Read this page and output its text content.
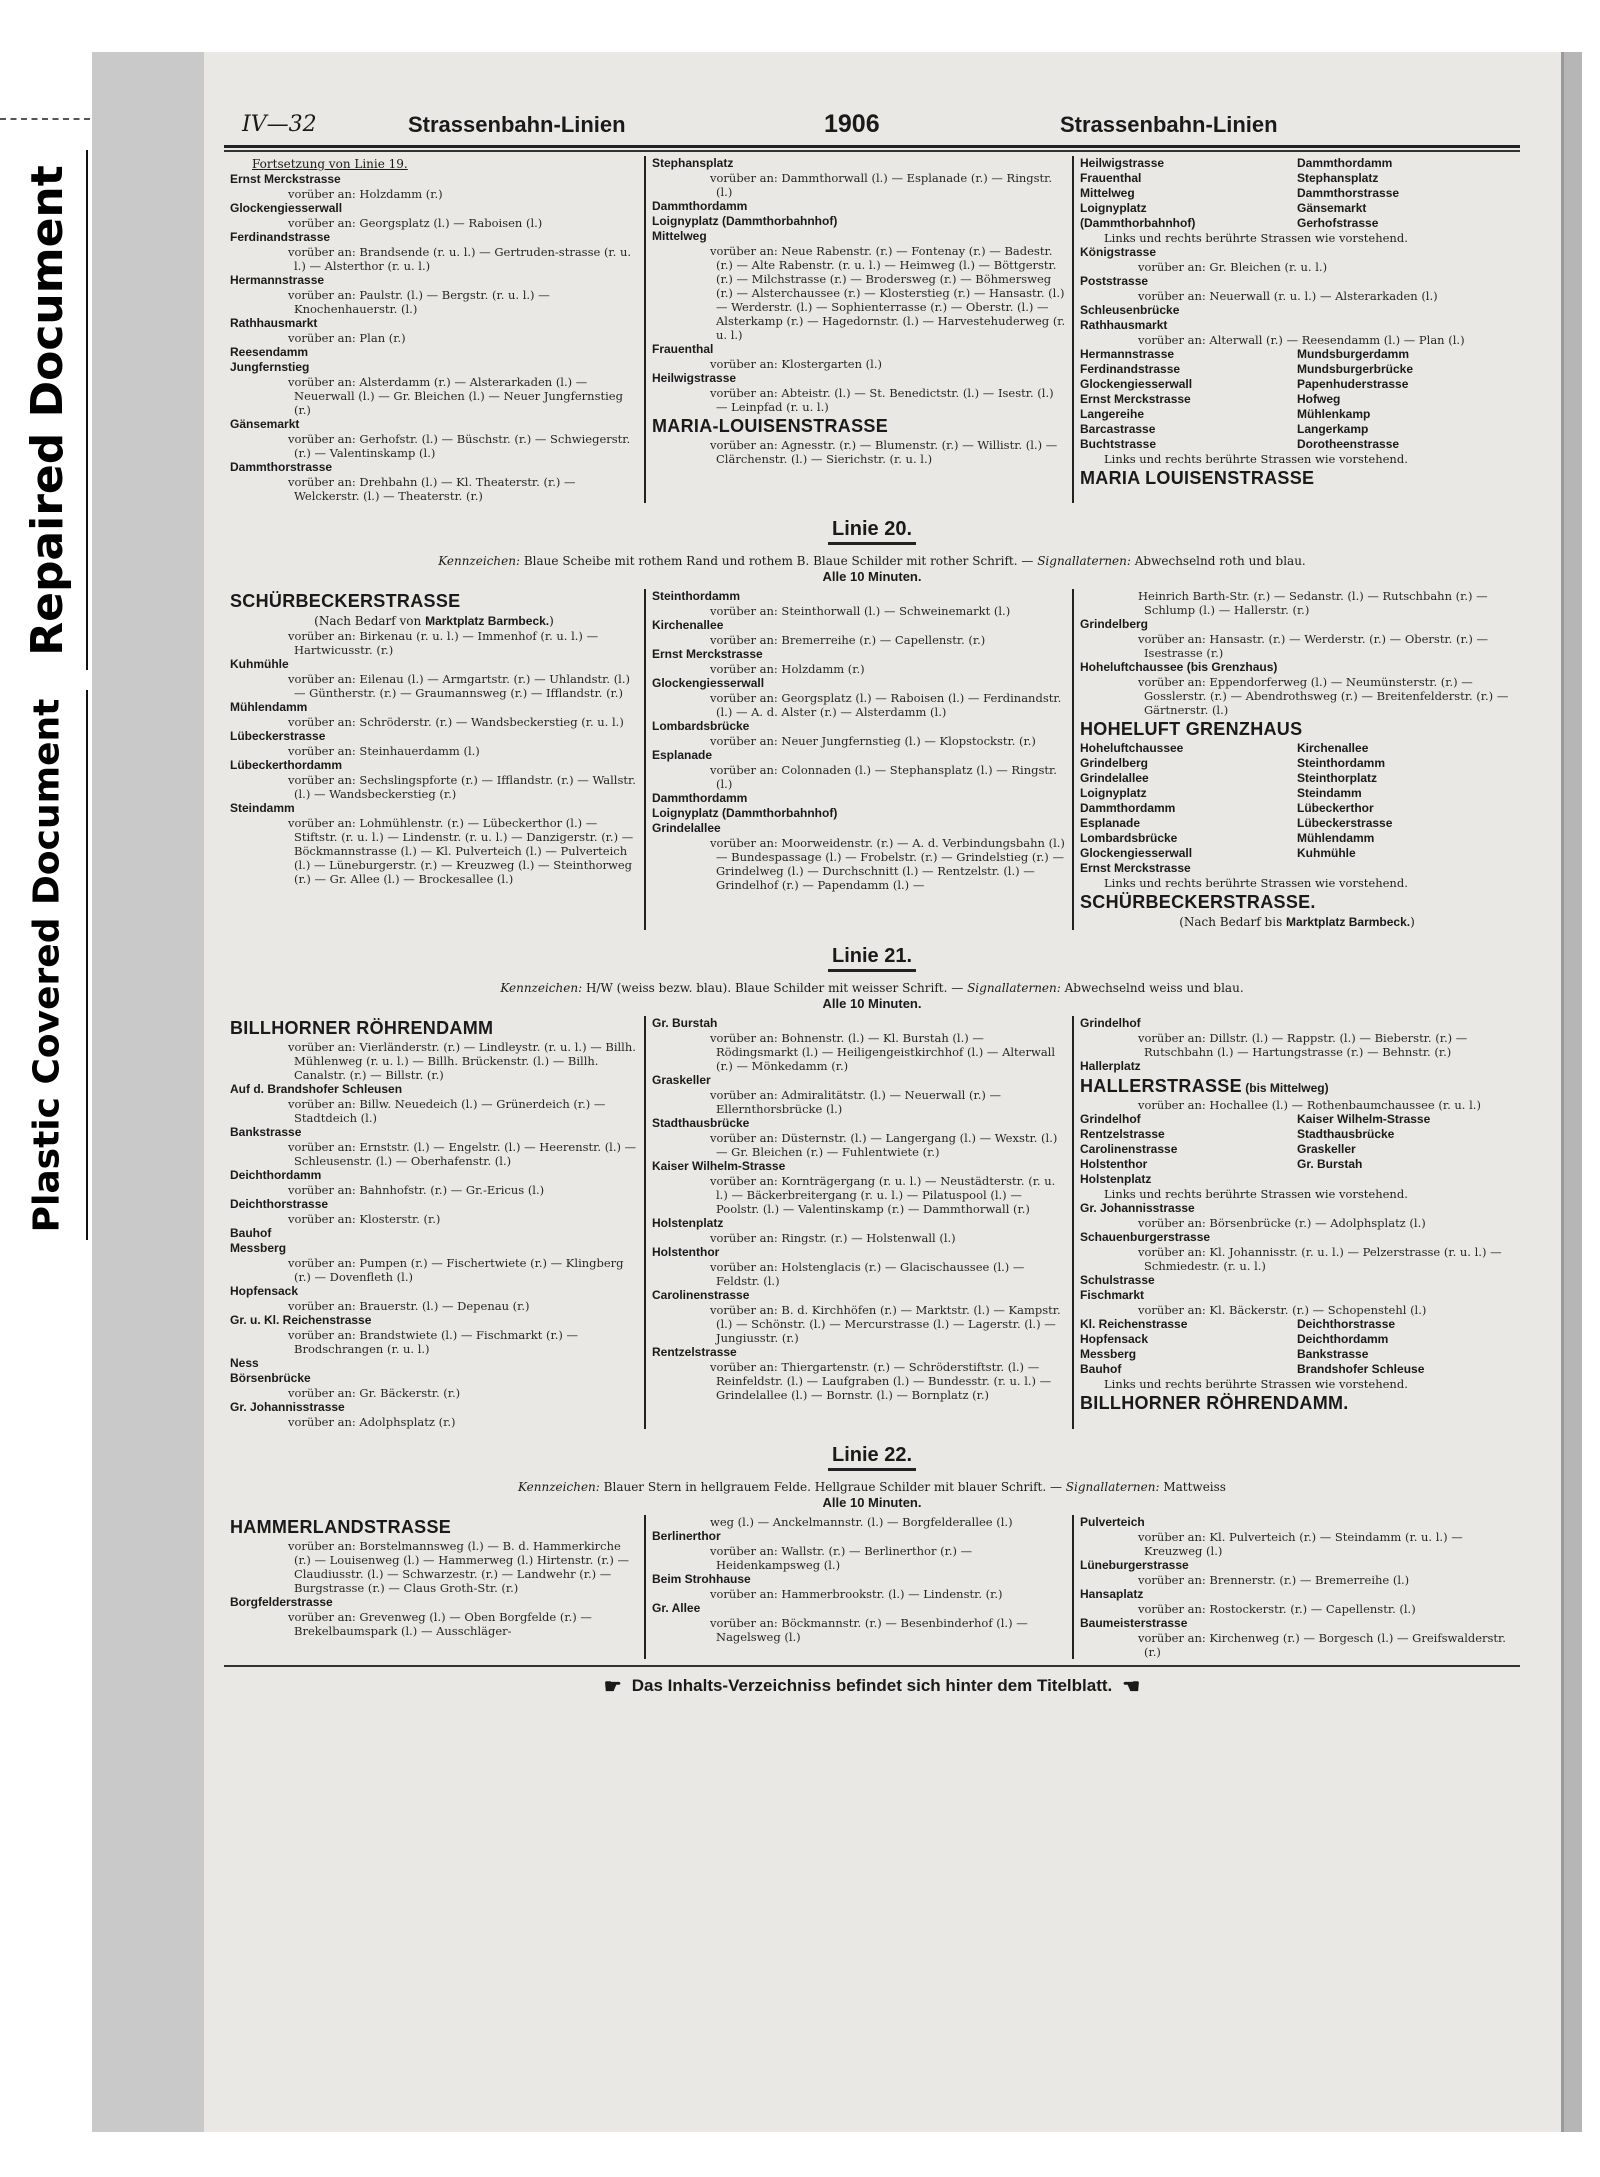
Repaired Document
Plastic Covered Document
IV—32	Strassenbahn-Linien	1906	Strassenbahn-Linien
Fortsetzung von Linie 19.
Ernst Merckstrasse
vorüber an: Holzdamm (r.)
Glockengiesserwall
vorüber an: Georgsplatz (l.) — Raboisen (l.)
Ferdinandstrasse
vorüber an: Brandsende (r. u. l.) — Gertruden-strasse (r. u. l.) — Alsterthor (r. u. l.)
Hermannstrasse
vorüber an: Paulstr. (l.) — Bergstr. (r. u. l.) — Knochenhauerstr. (l.)
Rathhausmarkt
vorüber an: Plan (r.)
Reesendamm
Jungfernstieg
vorüber an: Alsterdamm (r.) — Alsterarkaden (l.) — Neuerwall (l.) — Gr. Bleichen (l.) — Neuer Jungfernstieg (r.)
Gänsemarkt
vorüber an: Gerhofstr. (l.) — Büschstr. (r.) — Schwiegerstr. (r.) — Valentinskamp (l.)
Dammthorstrasse
vorüber an: Drehbahn (l.) — Kl. Theaterstr. (r.) — Welckerstr. (l.) — Theaterstr. (r.)
Stephansplatz
vorüber an: Dammthorwall (l.) — Esplanade (r.) — Ringstr. (l.)
Dammthordamm
Loignyplatz (Dammthorbahnhof)
Mittelweg
vorüber an: Neue Rabenstr. (r.) — Fontenay (r.) — Badestr. (r.) — Alte Rabenstr. (r. u. l.) — Heimweg (l.) — Böttgerstr. (r.) — Milchstrasse (r.) — Brodersweg (r.) — Böhmersweg (r.) — Alsterchaussee (r.) — Klosterstieg (r.) — Hansastr. (l.) — Werderstr. (l.) — Sophienterrasse (r.) — Oberstr. (l.) — Alsterkamp (r.) — Hagedornstr. (l.) — Harvestehuderweg (r. u. l.)
Frauenthal
vorüber an: Klostergarten (l.)
Heilwigstrasse
vorüber an: Abteistr. (l.) — St. Benedictstr. (l.) — Isestr. (l.) — Leinpfad (r. u. l.)
MARIA-LOUISENSTRASSE
vorüber an: Agnesstr. (r.) — Blumenstr. (r.) — Willistr. (l.) — Clärchenstr. (l.) — Sierichstr. (r. u. l.)
Heilwigstrasse	Dammthordamm
Frauenthal	Stephansplatz
Mittelweg	Dammthorstrasse
Loignyplatz	Gänsemarkt
(Dammthorbahnhof)	Gerhofstrasse
Links und rechts berührte Strassen wie vorstehend.
Königstrasse
vorüber an: Gr. Bleichen (r. u. l.)
Poststrasse
vorüber an: Neuerwall (r. u. l.) — Alsterarkaden (l.)
Schleusenbrücke
Rathhausmarkt
vorüber an: Alterwall (r.) — Reesendamm (l.) — Plan (l.)
Hermannstrasse	Mundsburgerdamm
Ferdinandstrasse	Mundsburgerbrücke
Glockengiesserwall	Papenhuderstrasse
Ernst Merckstrasse	Hofweg
Langereihe	Mühlenkamp
Barcastrasse	Langerkamp
Buchtstrasse	Dorotheenstrasse
Links und rechts berührte Strassen wie vorstehend.
MARIA LOUISENSTRASSE
Linie 20.
Kennzeichen: Blaue Scheibe mit rothem Rand und rothem B. Blaue Schilder mit rother Schrift. — Signallaternen: Abwechselnd roth und blau.
Alle 10 Minuten.
SCHÜRBECKERSTRASSE
(Nach Bedarf von Marktplatz Barmbeck.)
vorüber an: Birkenau (r. u. l.) — Immenhof (r. u. l.) — Hartwicusstr. (r.)
Kuhmühle
vorüber an: Eilenau (l.) — Armgartstr. (r.) — Uhlandstr. (l.) — Güntherstr. (r.) — Graumannsweg (r.) — Ifflandstr. (r.)
Mühlendamm
vorüber an: Schröderstr. (r.) — Wandsbeckerstieg (r. u. l.)
Lübeckerstrasse
vorüber an: Steinhauerdamm (l.)
Lübeckerthordamm
vorüber an: Sechslingspforte (r.) — Ifflandstr. (r.) — Wallstr. (l.) — Wandsbeckerstieg (r.)
Steindamm
vorüber an: Lohmühlenstr. (r.) — Lübeckerthor (l.) — Stiftstr. (r. u. l.) — Lindenstr. (r. u. l.) — Danzigerstr. (r.) — Böckmannstrasse (l.) — Kl. Pulverteich (l.) — Pulverteich (l.) — Lüneburgerstr. (r.) — Kreuzweg (l.) — Steinthorweg (r.) — Gr. Allee (l.) — Brockesallee (l.)
Steinthordamm
vorüber an: Steinthorwall (l.) — Schweinemarkt (l.)
Kirchenallee
vorüber an: Bremerreihe (r.) — Capellenstr. (r.)
Ernst Merckstrasse
vorüber an: Holzdamm (r.)
Glockengiesserwall
vorüber an: Georgsplatz (l.) — Raboisen (l.) — Ferdinandstr. (l.) — A. d. Alster (r.) — Alsterdamm (l.)
Lombardsbrücke
vorüber an: Neuer Jungfernstieg (l.) — Klopstockstr. (r.)
Esplanade
vorüber an: Colonnaden (l.) — Stephansplatz (l.) — Ringstr. (l.)
Dammthordamm
Loignyplatz (Dammthorbahnhof)
Grindelallee
vorüber an: Moorweidenstr. (r.) — A. d. Verbindungsbahn (l.) — Bundespassage (l.) — Frobelstr. (r.) — Grindelstieg (r.) — Grindelweg (l.) — Durchschnitt (l.) — Rentzelstr. (l.) — Grindelhof (r.) — Papendamm (l.) —
Heinrich Barth-Str. (r.) — Sedanstr. (l.) — Rutschbahn (r.) — Schlump (l.) — Hallerstr. (r.)
Grindelberg
vorüber an: Hansastr. (r.) — Werderstr. (r.) — Oberstr. (r.) — Isestrasse (r.)
Hoheluftchaussee (bis Grenzhaus)
vorüber an: Eppendorferweg (l.) — Neumünsterstr. (r.) — Gosslerstr. (r.) — Abendrothsweg (r.) — Breitenfelderstr. (r.) — Gärtnerstr. (l.)
HOHELUFT GRENZHAUS
Hoheluftchaussee	Kirchenallee
Grindelberg	Steinthordamm
Grindelallee	Steinthorplatz
Loignyplatz	Steindamm
Dammthordamm	Lübeckerthor
Esplanade	Lübeckerstrasse
Lombardsbrücke	Mühlendamm
Glockengiesserwall	Kuhmühle
Ernst Merckstrasse
Links und rechts berührte Strassen wie vorstehend.
SCHÜRBECKERSTRASSE.
(Nach Bedarf bis Marktplatz Barmbeck.)
Linie 21.
Kennzeichen: H/W (weiss bezw. blau). Blaue Schilder mit weisser Schrift. — Signallaternen: Abwechselnd weiss und blau.
Alle 10 Minuten.
BILLHORNER RÖHRENDAMM
vorüber an: Vierländerstr. (r.) — Lindleystr. (r. u. l.) — Billh. Mühlenweg (r. u. l.) — Billh. Brückenstr. (l.) — Billh. Canalstr. (r.) — Billstr. (r.)
Auf d. Brandshofer Schleusen
vorüber an: Billw. Neuedeich (l.) — Grünerdeich (r.) — Stadtdeich (l.)
Bankstrasse
vorüber an: Ernststr. (l.) — Engelstr. (l.) — Heerenstr. (l.) — Schleusenstr. (l.) — Oberhafenstr. (l.)
Deichthordamm
vorüber an: Bahnhofstr. (r.) — Gr.-Ericus (l.)
Deichthorstrasse
vorüber an: Klosterstr. (r.)
Bauhof
Messberg
vorüber an: Pumpen (r.) — Fischertwiete (r.) — Klingberg (r.) — Dovenfleth (l.)
Hopfensack
vorüber an: Brauerstr. (l.) — Depenau (r.)
Gr. u. Kl. Reichenstrasse
vorüber an: Brandstwiete (l.) — Fischmarkt (r.) — Brodschrangen (r. u. l.)
Ness
Börsenbrücke
vorüber an: Gr. Bäckerstr. (r.)
Gr. Johannisstrasse
vorüber an: Adolphsplatz (r.)
Gr. Burstah
vorüber an: Bohnenstr. (l.) — Kl. Burstah (l.) — Rödingsmarkt (l.) — Heiligengeistkirchhof (l.) — Alterwall (r.) — Mönkedamm (r.)
Graskeller
vorüber an: Admiralitätstr. (l.) — Neuerwall (r.) — Ellernthorsbrücke (l.)
Stadthausbrücke
vorüber an: Düsternstr. (l.) — Langergang (l.) — Wexstr. (l.) — Gr. Bleichen (r.) — Fuhlentwiete (r.)
Kaiser Wilhelm-Strasse
vorüber an: Kornträgergang (r. u. l.) — Neustädterstr. (r. u. l.) — Bäckerbreitergang (r. u. l.) — Pilatuspool (l.) — Poolstr. (l.) — Valentinskamp (r.) — Dammthorwall (r.)
Holstenplatz
vorüber an: Ringstr. (r.) — Holstenwall (l.)
Holstenthor
vorüber an: Holstenglacis (r.) — Glacischaussee (l.) — Feldstr. (l.)
Carolinenstrasse
vorüber an: B. d. Kirchhöfen (r.) — Marktstr. (l.) — Kampstr. (l.) — Schönstr. (l.) — Mercurstrasse (l.) — Lagerstr. (l.) — Jungiusstr. (r.)
Rentzelstrasse
vorüber an: Thiergartenstr. (r.) — Schröderstiftstr. (l.) — Reinfeldstr. (l.) — Laufgraben (l.) — Bundesstr. (r. u. l.) — Grindelallee (l.) — Bornstr. (l.) — Bornplatz (r.)
Grindelhof
vorüber an: Dillstr. (l.) — Rappstr. (l.) — Bieberstr. (r.) — Rutschbahn (l.) — Hartungstrasse (r.) — Behnstr. (r.)
Hallerplatz
HALLERSTRASSE (bis Mittelweg)
vorüber an: Hochallee (l.) — Rothenbaumchaussee (r. u. l.)
Grindelhof	Kaiser Wilhelm-Strasse
Rentzelstrasse	Stadthausbrücke
Carolinenstrasse	Graskeller
Holstenthor	Gr. Burstah
Holstenplatz
Links und rechts berührte Strassen wie vorstehend.
Gr. Johannisstrasse
vorüber an: Börsenbrücke (r.) — Adolphsplatz (l.)
Schauenburgerstrasse
vorüber an: Kl. Johannisstr. (r. u. l.) — Pelzerstrasse (r. u. l.) — Schmiedestr. (r. u. l.)
Schulstrasse
Fischmarkt
vorüber an: Kl. Bäckerstr. (r.) — Schopenstehl (l.)
Kl. Reichenstrasse	Deichthorstrasse
Hopfensack	Deichthordamm
Messberg	Bankstrasse
Bauhof	Brandshofer Schleuse
Links und rechts berührte Strassen wie vorstehend.
BILLHORNER RÖHRENDAMM.
Linie 22.
Kennzeichen: Blauer Stern in hellgrauem Felde. Hellgraue Schilder mit blauer Schrift. — Signallaternen: Mattweiss
Alle 10 Minuten.
HAMMERLANDSTRASSE
vorüber an: Borstelmannsweg (l.) — B. d. Hammerkirche (r.) — Louisenweg (l.) — Hammerweg (l.) Hirtenstr. (r.) — Claudiusstr. (l.) — Schwarzestr. (r.) — Landwehr (r.) — Burgstrasse (r.) — Claus Groth-Str. (r.)
Borgfelderstrasse
vorüber an: Grevenweg (l.) — Oben Borgfelde (r.) — Brekelbaumspark (l.) — Ausschläger-
weg (l.) — Anckelmannstr. (l.) — Borgfelderallee (l.)
Berlinerthor
vorüber an: Wallstr. (r.) — Berlinerthor (r.) — Heidenkampsweg (l.)
Beim Strohhause
vorüber an: Hammerbrookstr. (l.) — Lindenstr. (r.)
Gr. Allee
vorüber an: Böckmannstr. (r.) — Besenbinderhof (l.) — Nagelsweg (l.)
Pulverteich
vorüber an: Kl. Pulverteich (r.) — Steindamm (r. u. l.) — Kreuzweg (l.)
Lüneburgerstrasse
vorüber an: Brennerstr. (r.) — Bremerreihe (l.)
Hansaplatz
vorüber an: Rostockerstr. (r.) — Capellenstr. (l.)
Baumeisterstrasse
vorüber an: Kirchenweg (r.) — Borgesch (l.) — Greifswalderstr. (r.)
☛ Das Inhalts-Verzeichniss befindet sich hinter dem Titelblatt. ☚
